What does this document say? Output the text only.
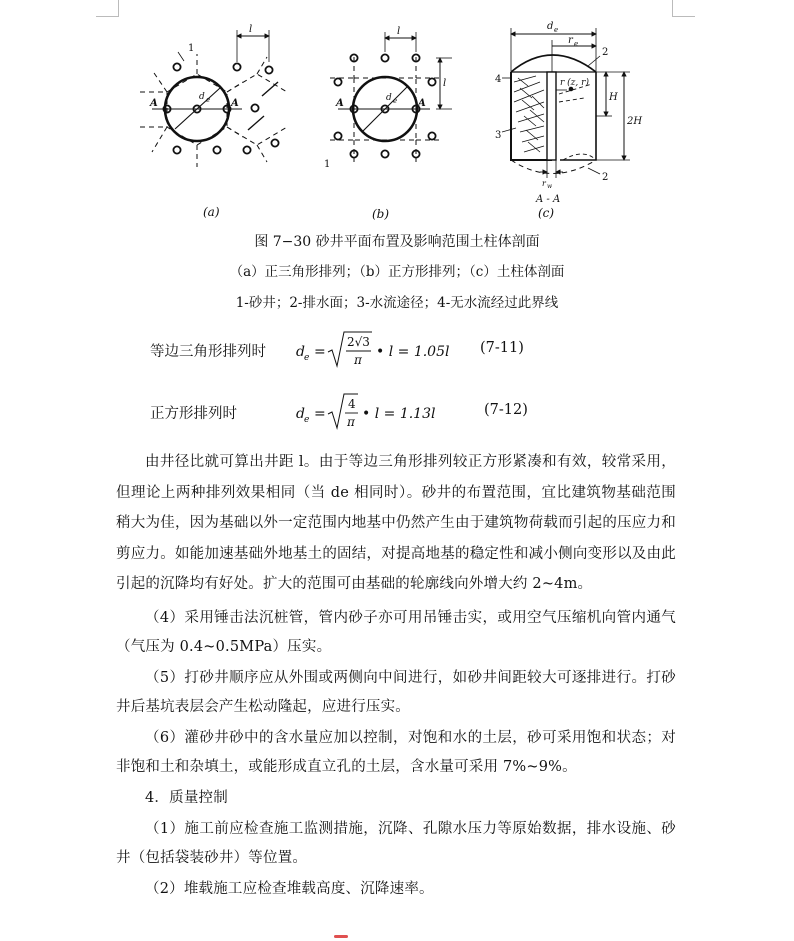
1
l
A	A
d e
(a)
l
l
A	A
d e
1
(b)
d e
r e
r (z, r)
H
2H
2
2
3
4
r w
A - A
(c)
图 7−30 砂井平面布置及影响范围土柱体剖面
（a）正三角形排列；（b）正方形排列；（c）土柱体剖面
1-砂井；2-排水面；3-水流途径；4-无水流经过此界线
等边三角形排列时 d e =
2√3
π • l = 1.05l (7-11)
正方形排列时	d e =
4
π • l = 1.13l	(7-12)

由井径比就可算出井距 l。由于等边三角形排列较正方形紧凑和有效，较常采用，但理论上两种排列效果相同（当 de 相同时）。砂井的布置范围，宜比建筑物基础范围稍大为佳，因为基础以外一定范围内地基中仍然产生由于建筑物荷载而引起的压应力和剪应力。如能加速基础外地基土的固结，对提高地基的稳定性和减小侧向变形以及由此引起的沉降均有好处。扩大的范围可由基础的轮廓线向外增大约 2~4m。

（4）采用锤击法沉桩管，管内砂子亦可用吊锤击实，或用空气压缩机向管内通气（气压为 0.4~0.5MPa）压实。

（5）打砂井顺序应从外围或两侧向中间进行，如砂井间距较大可逐排进行。打砂井后基坑表层会产生松动隆起，应进行压实。

（6）灌砂井砂中的含水量应加以控制，对饱和水的土层，砂可采用饱和状态；对非饱和土和杂填土，或能形成直立孔的土层，含水量可采用 7%~9%。

4．质量控制

（1）施工前应检查施工监测措施，沉降、孔隙水压力等原始数据，排水设施、砂井（包括袋装砂井）等位置。

（2）堆载施工应检查堆载高度、沉降速率。
